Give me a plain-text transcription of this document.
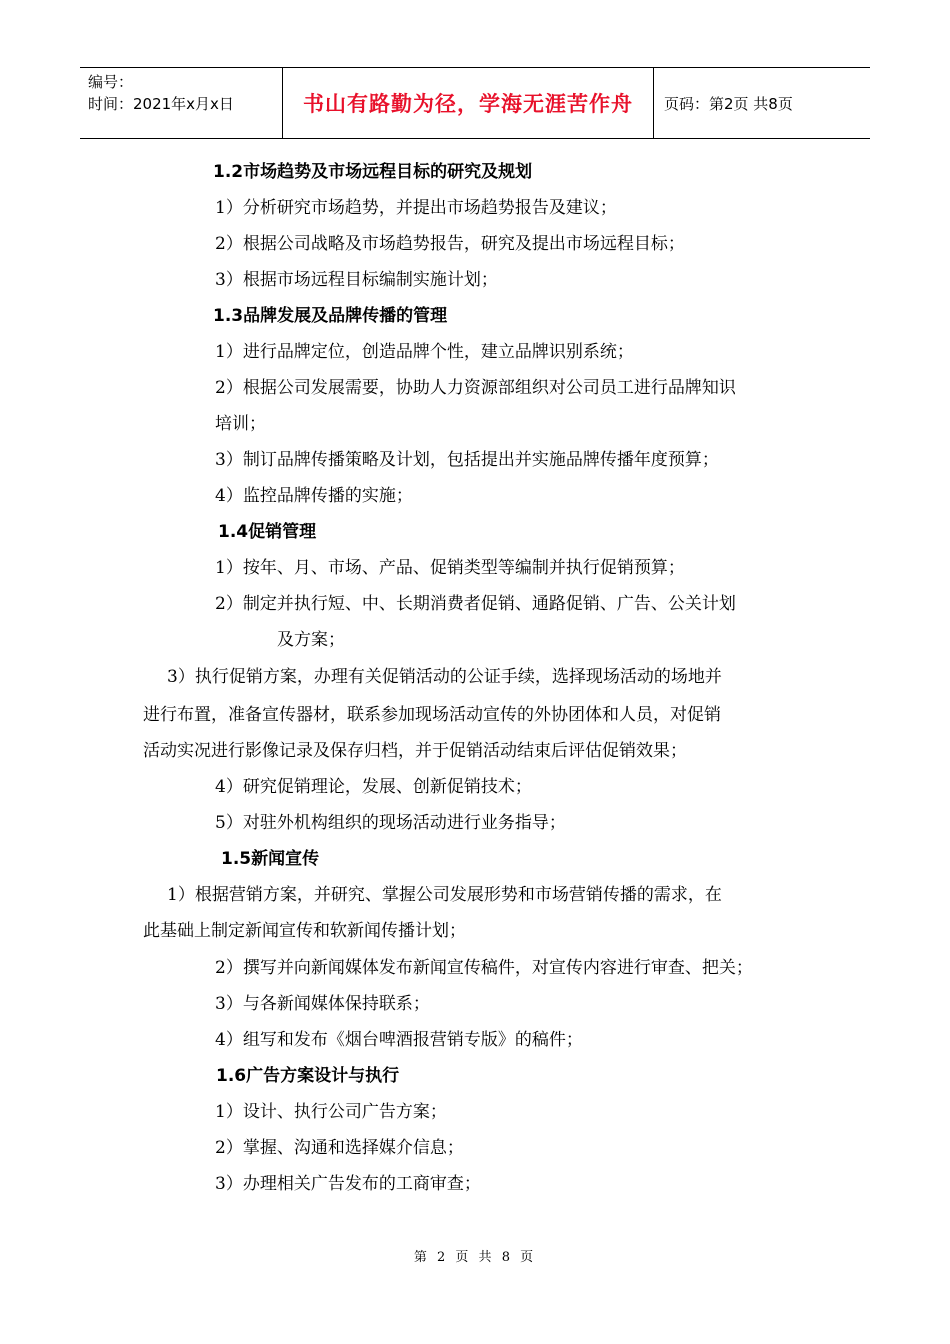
编号：
时间：2021年x月x日	书山有路勤为径，学海无涯苦作舟	页码：第2页 共8页
1.2市场趋势及市场远程目标的研究及规划
1）分析研究市场趋势，并提出市场趋势报告及建议；
2）根据公司战略及市场趋势报告，研究及提出市场远程目标；
3）根据市场远程目标编制实施计划；
1.3品牌发展及品牌传播的管理
1）进行品牌定位，创造品牌个性，建立品牌识别系统；
2）根据公司发展需要，协助人力资源部组织对公司员工进行品牌知识
培训；
3）制订品牌传播策略及计划，包括提出并实施品牌传播年度预算；
4）监控品牌传播的实施；
1.4促销管理
1）按年、月、市场、产品、促销类型等编制并执行促销预算；
2）制定并执行短、中、长期消费者促销、通路促销、广告、公关计划
及方案；
3）执行促销方案，办理有关促销活动的公证手续，选择现场活动的场地并
进行布置，准备宣传器材，联系参加现场活动宣传的外协团体和人员，对促销
活动实况进行影像记录及保存归档，并于促销活动结束后评估促销效果；
4）研究促销理论，发展、创新促销技术；
5）对驻外机构组织的现场活动进行业务指导；
1.5新闻宣传
1）根据营销方案，并研究、掌握公司发展形势和市场营销传播的需求，在
此基础上制定新闻宣传和软新闻传播计划；
2）撰写并向新闻媒体发布新闻宣传稿件，对宣传内容进行审查、把关；
3）与各新闻媒体保持联系；
4）组写和发布《烟台啤酒报营销专版》的稿件；
1.6广告方案设计与执行
1）设计、执行公司广告方案；
2）掌握、沟通和选择媒介信息；
3）办理相关广告发布的工商审查；
第 2 页 共 8 页
